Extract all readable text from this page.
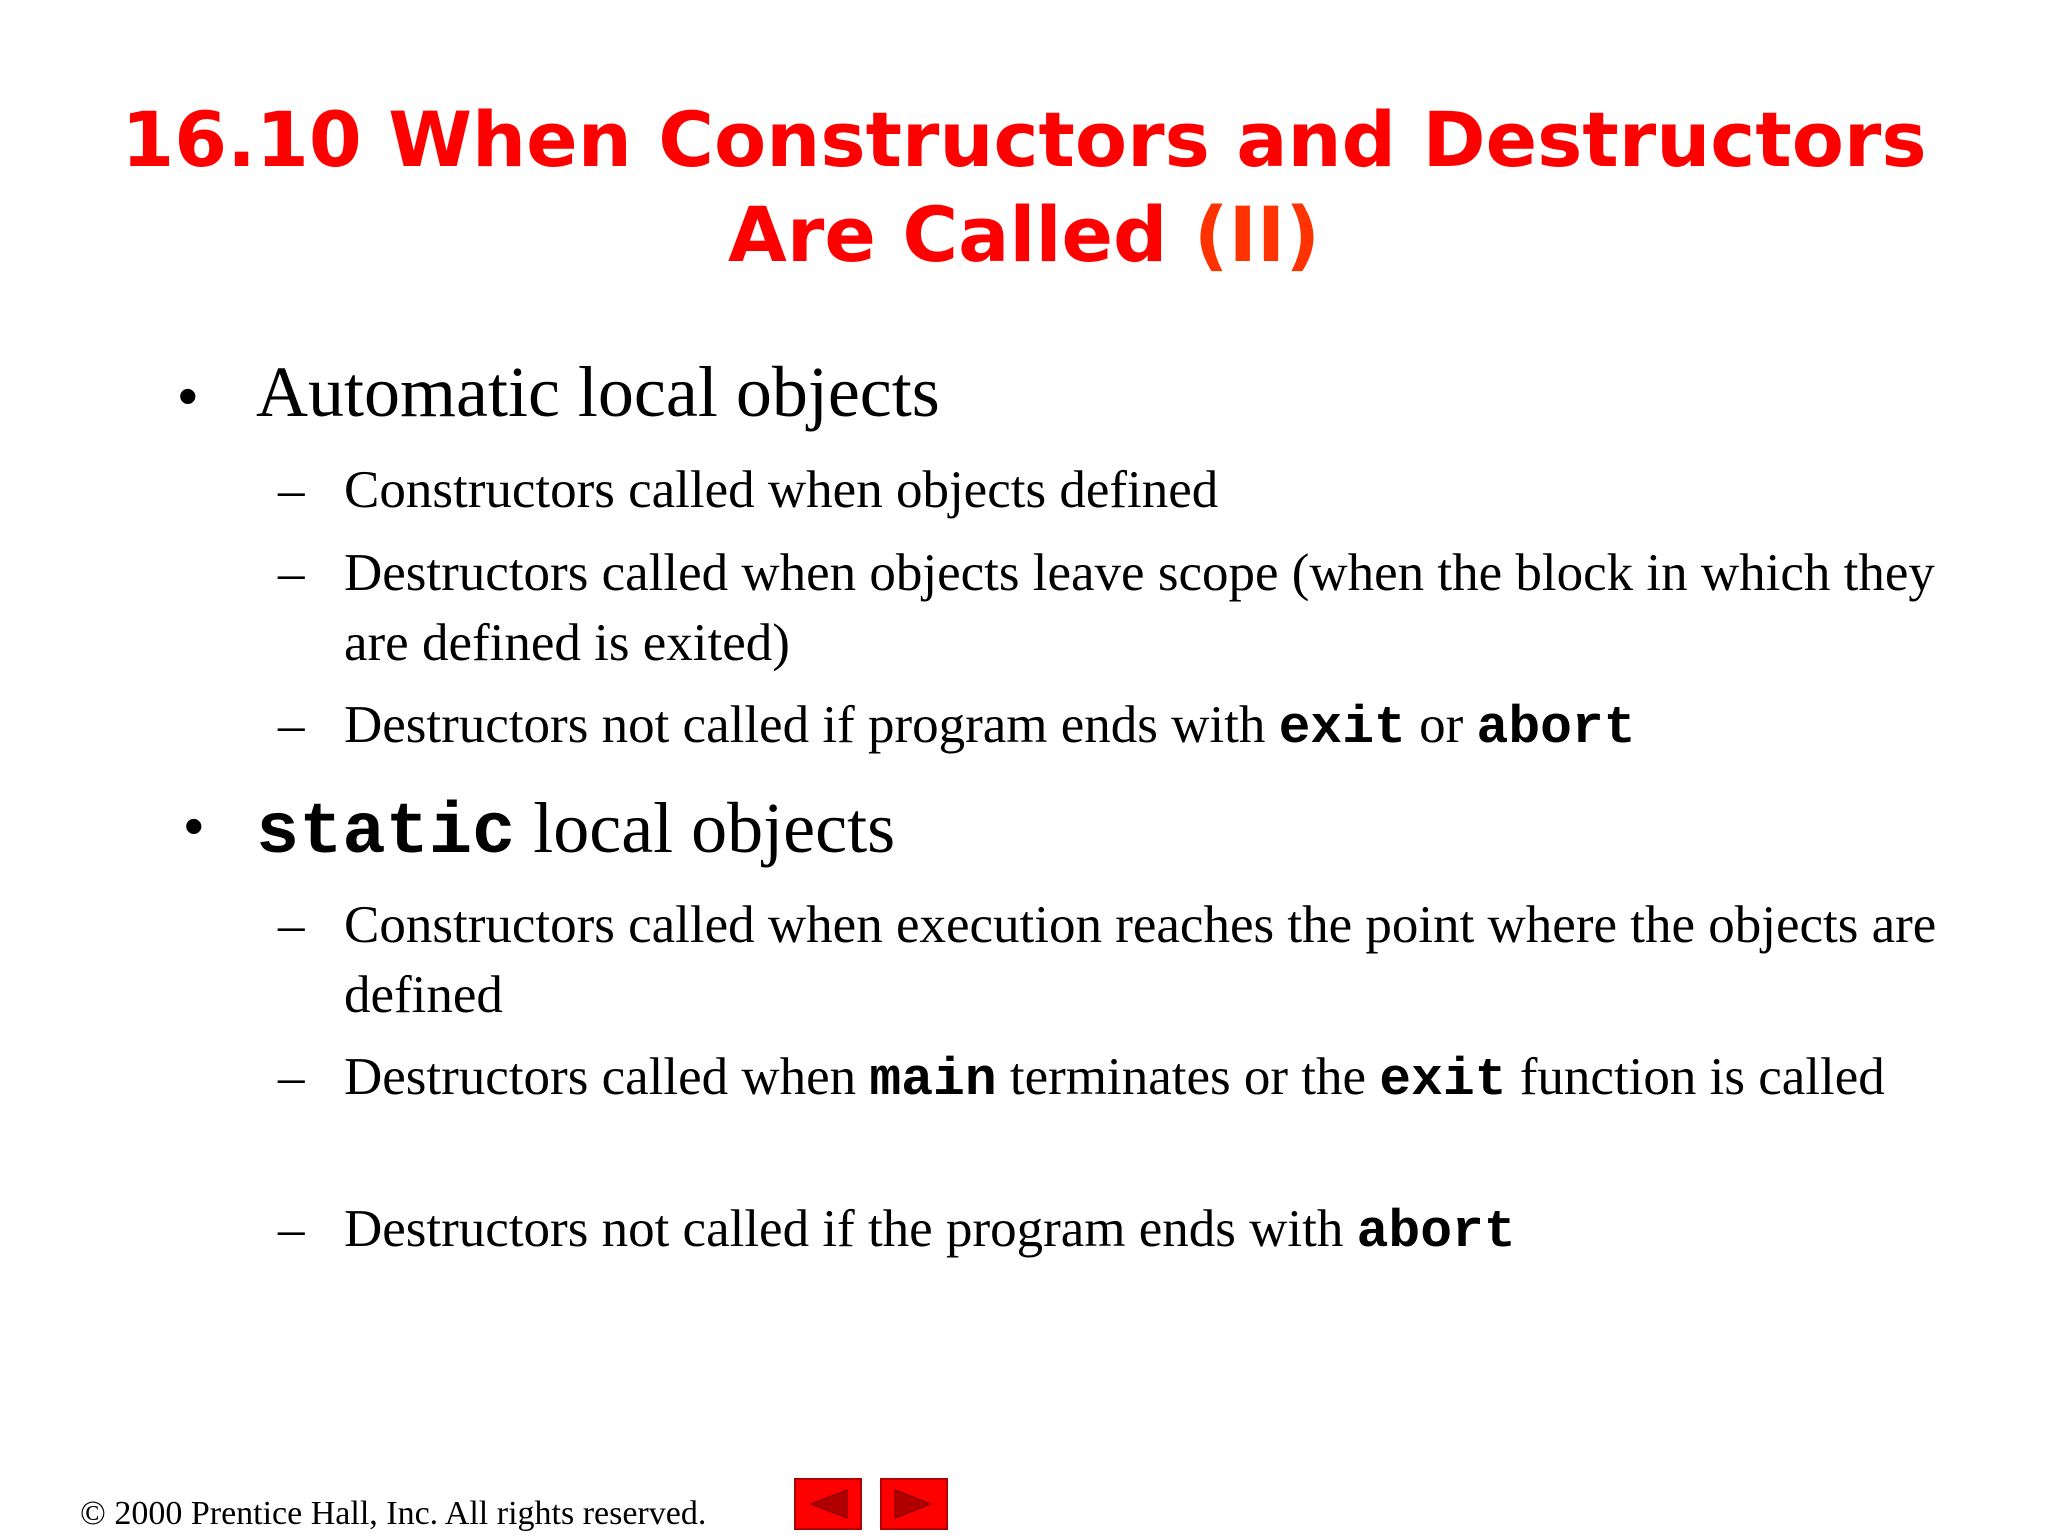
16.10 When Constructors and Destructors
Are Called (II)
• Automatic local objects
– Constructors called when objects defined
– Destructors called when objects leave scope (when the block in which they are defined is exited)
– Destructors not called if program ends with exit or abort
• static local objects
– Constructors called when execution reaches the point where the objects are defined
– Destructors called when main terminates or the exit function is called
– Destructors not called if the program ends with abort
© 2000 Prentice Hall, Inc. All rights reserved.
